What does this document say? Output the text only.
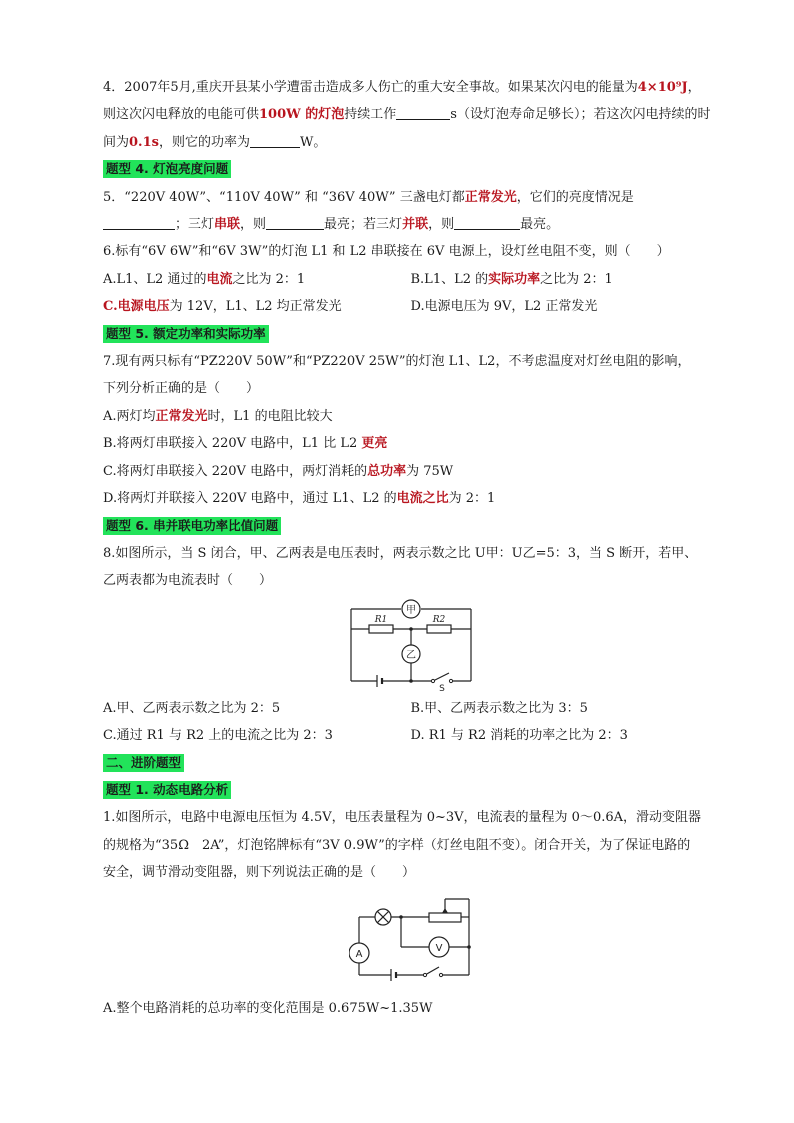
4．2007年5月,重庆开县某小学遭雷击造成多人伤亡的重大安全事故。如果某次闪电的能量为4×10⁹J，
则这次闪电释放的电能可供100W 的灯泡持续工作	s（设灯泡寿命足够长）；若这次闪电持续的时
间为0.1s，则它的功率为	W。

题型 4. 灯泡亮度问题

5．“220V 40W”、“110V 40W” 和 “36V 40W” 三盏电灯都正常发光，它们的亮度情况是
；三灯串联，则	最亮；若三灯并联，则	最亮。

6.标有“6V 6W”和“6V 3W”的灯泡 L1 和 L2 串联接在 6V 电源上，设灯丝电阻不变，则（　　）

A.L1、L2 通过的电流之比为 2：1	B.L1、L2 的实际功率之比为 2：1
C.电源电压为 12V，L1、L2 均正常发光	D.电源电压为 9V，L2 正常发光
题型 5. 额定功率和实际功率

7.现有两只标有“PZ220V 50W”和“PZ220V 25W”的灯泡 L1、L2，不考虑温度对灯丝电阻的影响，
下列分析正确的是（　　）

A.两灯均正常发光时，L1 的电阻比较大
B.将两灯串联接入 220V 电路中，L1 比 L2 更亮
C.将两灯串联接入 220V 电路中，两灯消耗的总功率为 75W
D.将两灯并联接入 220V 电路中，通过 L1、L2 的电流之比为 2：1
题型 6. 串并联电功率比值问题

8.如图所示，当 S 闭合，甲、乙两表是电压表时，两表示数之比 U甲：U乙=5：3，当 S 断开，若甲、
乙两表都为电流表时（　　）

甲
乙
R1	R2
S
A.甲、乙两表示数之比为 2：5	B.甲、乙两表示数之比为 3：5
C.通过 R1 与 R2 上的电流之比为 2：3	D. R1 与 R2 消耗的功率之比为 2：3
二、进阶题型
题型 1. 动态电路分析

1.如图所示，电路中电源电压恒为 4.5V，电压表量程为 0~3V，电流表的量程为 0～0.6A，滑动变阻器
的规格为“35Ω　2A”，灯泡铭牌标有“3V 0.9W”的字样（灯丝电阻不变）。闭合开关，为了保证电路的
安全，调节滑动变阻器，则下列说法正确的是（　　）

A
V
A.整个电路消耗的总功率的变化范围是 0.675W~1.35W
